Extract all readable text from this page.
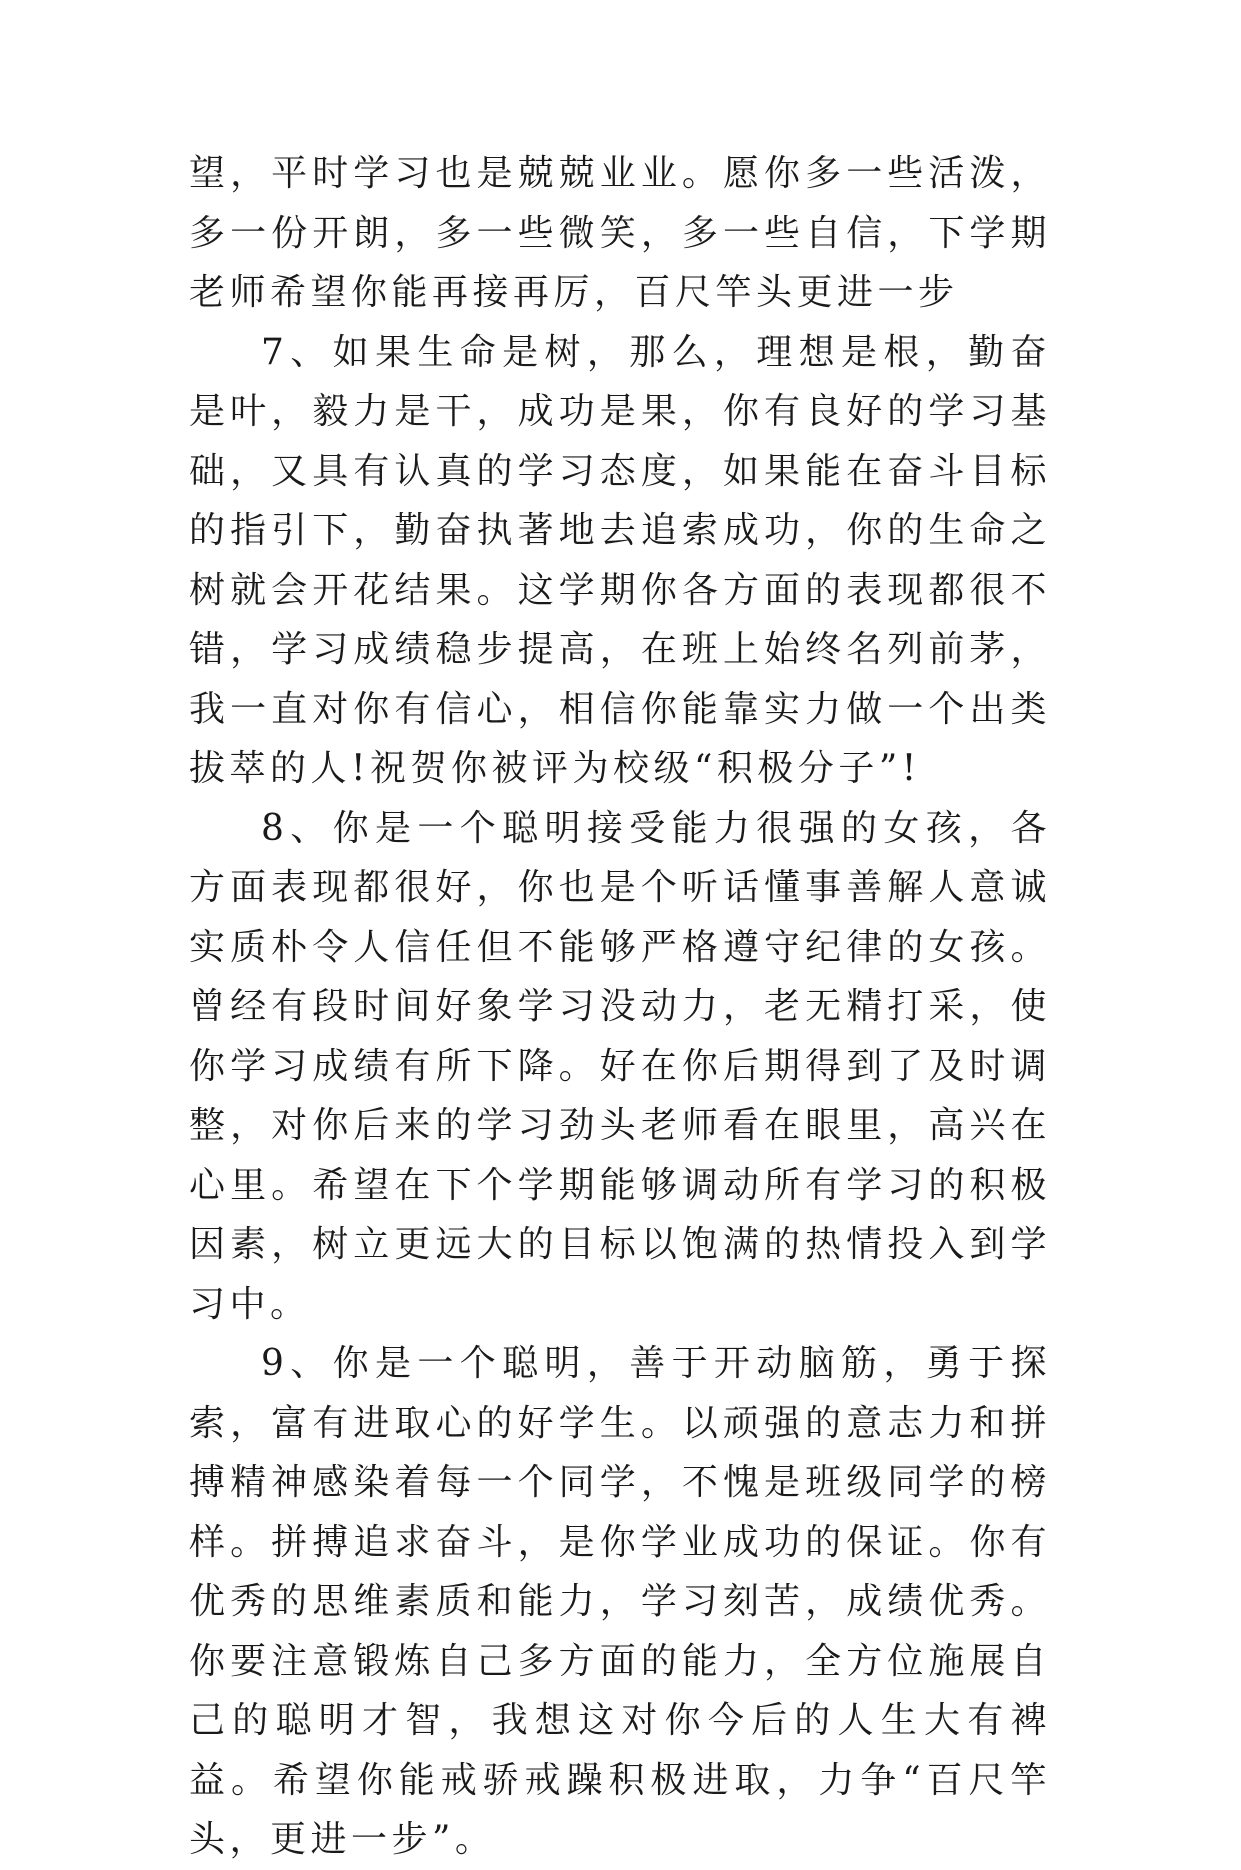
望，平时学习也是兢兢业业。愿你多一些活泼，多一份开朗，多一些微笑，多一些自信，下学期老师希望你能再接再厉，百尺竿头更进一步

7、如果生命是树，那么，理想是根，勤奋是叶，毅力是干，成功是果，你有良好的学习基础，又具有认真的学习态度，如果能在奋斗目标的指引下，勤奋执著地去追索成功，你的生命之树就会开花结果。这学期你各方面的表现都很不错，学习成绩稳步提高，在班上始终名列前茅，我一直对你有信心，相信你能靠实力做一个出类拔萃的人!祝贺你被评为校级“积极分子”!

8、你是一个聪明接受能力很强的女孩，各方面表现都很好，你也是个听话懂事善解人意诚实质朴令人信任但不能够严格遵守纪律的女孩。曾经有段时间好象学习没动力，老无精打采，使你学习成绩有所下降。好在你后期得到了及时调整，对你后来的学习劲头老师看在眼里，高兴在心里。希望在下个学期能够调动所有学习的积极因素，树立更远大的目标以饱满的热情投入到学习中。

9、你是一个聪明，善于开动脑筋，勇于探索，富有进取心的好学生。以顽强的意志力和拼搏精神感染着每一个同学，不愧是班级同学的榜样。拼搏追求奋斗，是你学业成功的保证。你有优秀的思维素质和能力，学习刻苦，成绩优秀。你要注意锻炼自己多方面的能力，全方位施展自己的聪明才智，我想这对你今后的人生大有裨益。希望你能戒骄戒躁积极进取，力争“百尺竿头，更进一步”。
